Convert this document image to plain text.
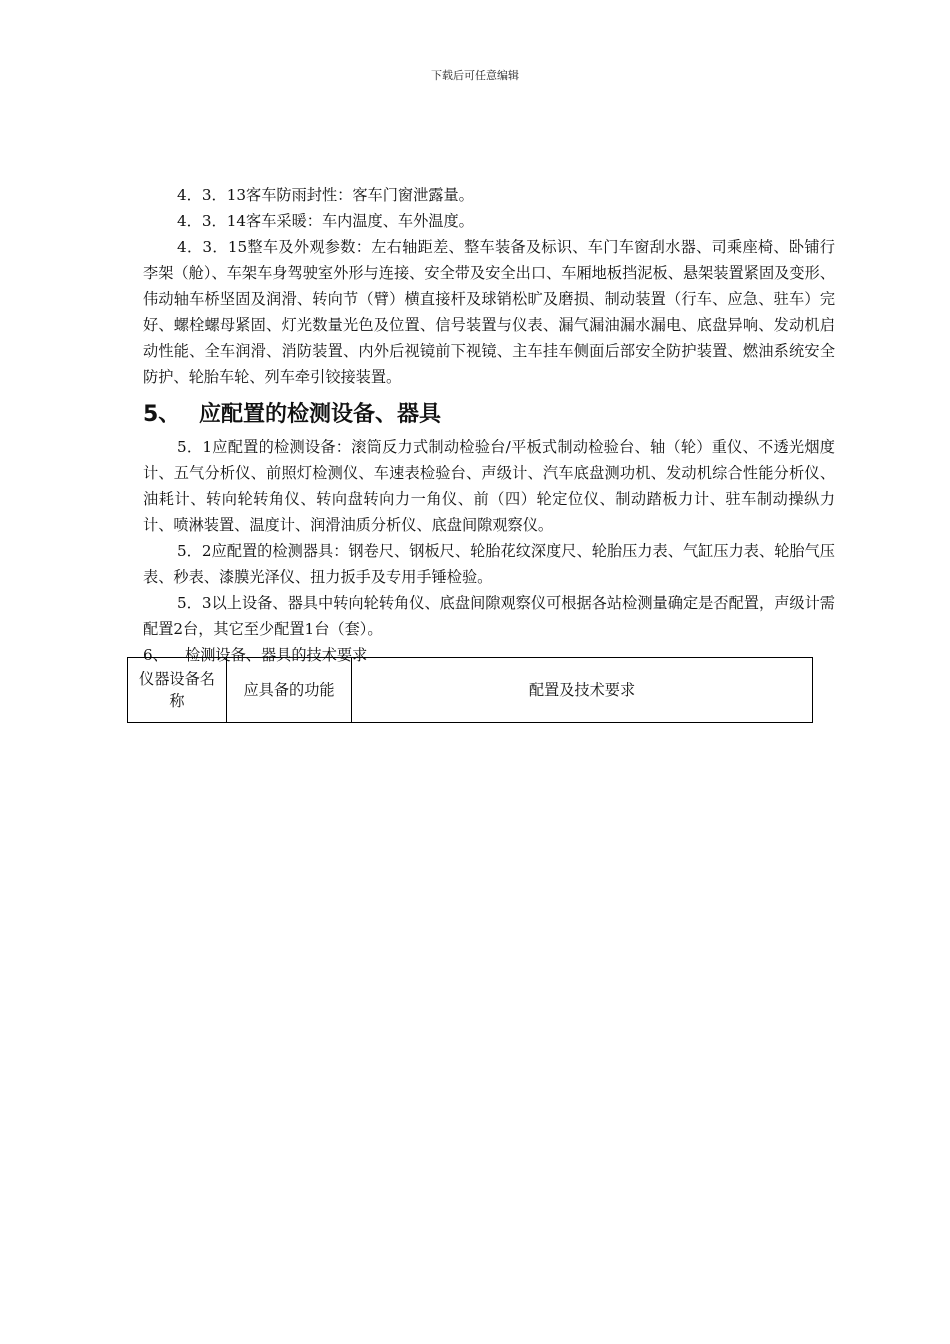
下载后可任意编辑

4．3．13客车防雨封性：客车门窗泄露量。

4．3．14客车采暖：车内温度、车外温度。

4．3．15整车及外观参数：左右轴距差、整车装备及标识、车门车窗刮水器、司乘座椅、卧铺行李架（舱）、车架车身驾驶室外形与连接、安全带及安全出口、车厢地板挡泥板、悬架装置紧固及变形、伟动轴车桥坚固及润滑、转向节（臂）横直接杆及球销松旷及磨损、制动装置（行车、应急、驻车）完好、螺栓螺母紧固、灯光数量光色及位置、信号装置与仪表、漏气漏油漏水漏电、底盘异响、发动机启动性能、全车润滑、消防装置、内外后视镜前下视镜、主车挂车侧面后部安全防护装置、燃油系统安全防护、轮胎车轮、列车牵引铰接装置。

5、 应配置的检测设备、器具

5．1应配置的检测设备：滚筒反力式制动检验台/平板式制动检验台、轴（轮）重仪、不透光烟度计、五气分析仪、前照灯检测仪、车速表检验台、声级计、汽车底盘测功机、发动机综合性能分析仪、油耗计、转向轮转角仪、转向盘转向力一角仪、前（四）轮定位仪、制动踏板力计、驻车制动操纵力计、喷淋装置、温度计、润滑油质分析仪、底盘间隙观察仪。

5．2应配置的检测器具：钢卷尺、钢板尺、轮胎花纹深度尺、轮胎压力表、气缸压力表、轮胎气压表、秒表、漆膜光泽仪、扭力扳手及专用手锤检验。

5．3以上设备、器具中转向轮转角仪、底盘间隙观察仪可根据各站检测量确定是否配置，声级计需配置2台，其它至少配置1台（套）。

6、 检测设备、器具的技术要求
仪器设备名称	应具备的功能	配置及技术要求
